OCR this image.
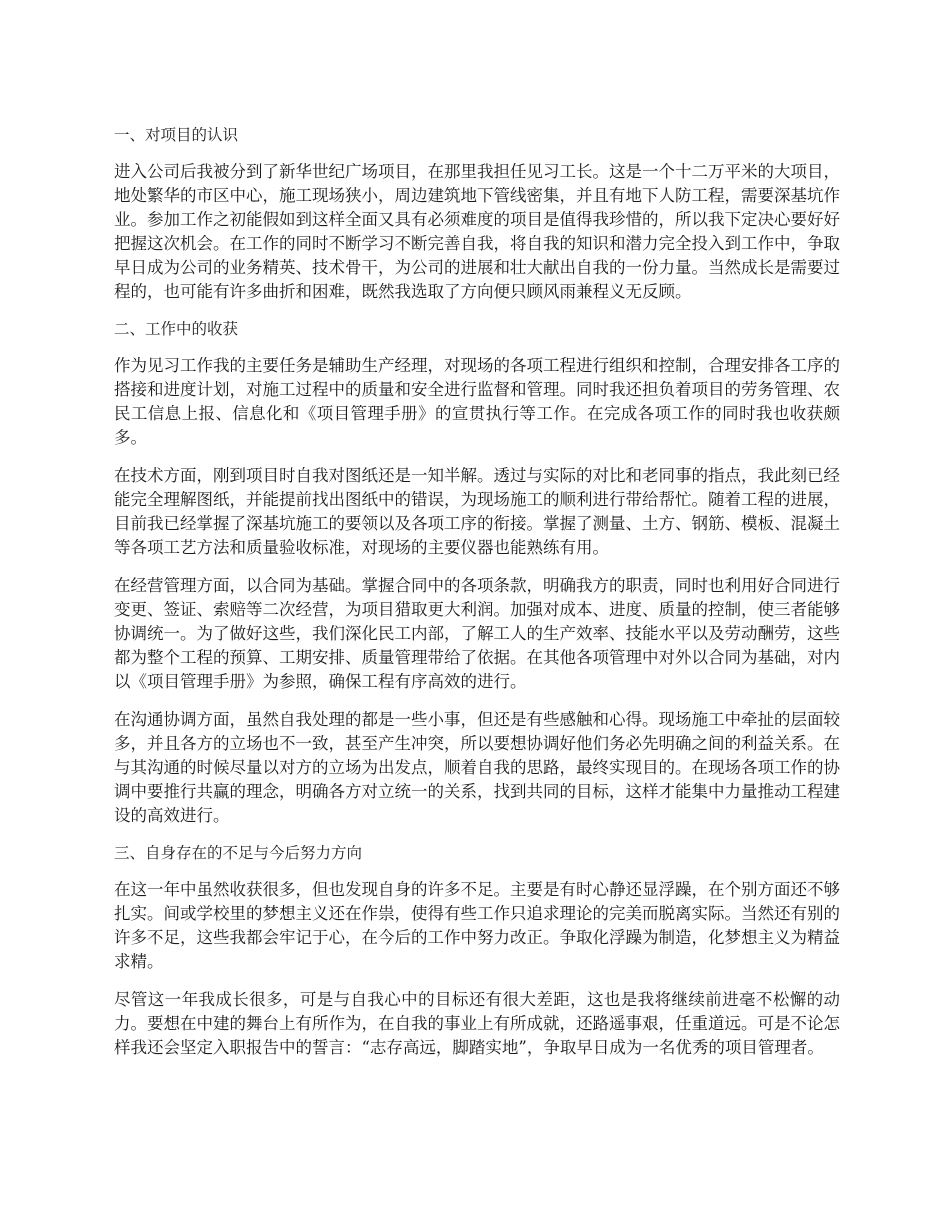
一、对项目的认识

进入公司后我被分到了新华世纪广场项目，在那里我担任见习工长。这是一个十二万平米的大项目，地处繁华的市区中心，施工现场狭小，周边建筑地下管线密集，并且有地下人防工程，需要深基坑作业。参加工作之初能假如到这样全面又具有必须难度的项目是值得我珍惜的，所以我下定决心要好好把握这次机会。在工作的同时不断学习不断完善自我，将自我的知识和潜力完全投入到工作中，争取早日成为公司的业务精英、技术骨干，为公司的进展和壮大献出自我的一份力量。当然成长是需要过程的，也可能有许多曲折和困难，既然我选取了方向便只顾风雨兼程义无反顾。

二、工作中的收获

作为见习工作我的主要任务是辅助生产经理，对现场的各项工程进行组织和控制，合理安排各工序的搭接和进度计划，对施工过程中的质量和安全进行监督和管理。同时我还担负着项目的劳务管理、农民工信息上报、信息化和《项目管理手册》的宣贯执行等工作。在完成各项工作的同时我也收获颇多。

在技术方面，刚到项目时自我对图纸还是一知半解。透过与实际的对比和老同事的指点，我此刻已经能完全理解图纸，并能提前找出图纸中的错误，为现场施工的顺利进行带给帮忙。随着工程的进展，目前我已经掌握了深基坑施工的要领以及各项工序的衔接。掌握了测量、土方、钢筋、模板、混凝土等各项工艺方法和质量验收标准，对现场的主要仪器也能熟练有用。

在经营管理方面，以合同为基础。掌握合同中的各项条款，明确我方的职责，同时也利用好合同进行变更、签证、索赔等二次经营，为项目猎取更大利润。加强对成本、进度、质量的控制，使三者能够协调统一。为了做好这些，我们深化民工内部，了解工人的生产效率、技能水平以及劳动酬劳，这些都为整个工程的预算、工期安排、质量管理带给了依据。在其他各项管理中对外以合同为基础，对内以《项目管理手册》为参照，确保工程有序高效的进行。

在沟通协调方面，虽然自我处理的都是一些小事，但还是有些感触和心得。现场施工中牵扯的层面较多，并且各方的立场也不一致，甚至产生冲突，所以要想协调好他们务必先明确之间的利益关系。在与其沟通的时候尽量以对方的立场为出发点，顺着自我的思路，最终实现目的。在现场各项工作的协调中要推行共赢的理念，明确各方对立统一的关系，找到共同的目标，这样才能集中力量推动工程建设的高效进行。

三、自身存在的不足与今后努力方向

在这一年中虽然收获很多，但也发现自身的许多不足。主要是有时心静还显浮躁，在个别方面还不够扎实。间或学校里的梦想主义还在作祟，使得有些工作只追求理论的完美而脱离实际。当然还有别的许多不足，这些我都会牢记于心，在今后的工作中努力改正。争取化浮躁为制造，化梦想主义为精益求精。

尽管这一年我成长很多，可是与自我心中的目标还有很大差距，这也是我将继续前进毫不松懈的动力。要想在中建的舞台上有所作为，在自我的事业上有所成就，还路遥事艰，任重道远。可是不论怎样我还会坚定入职报告中的誓言：“志存高远，脚踏实地”，争取早日成为一名优秀的项目管理者。
